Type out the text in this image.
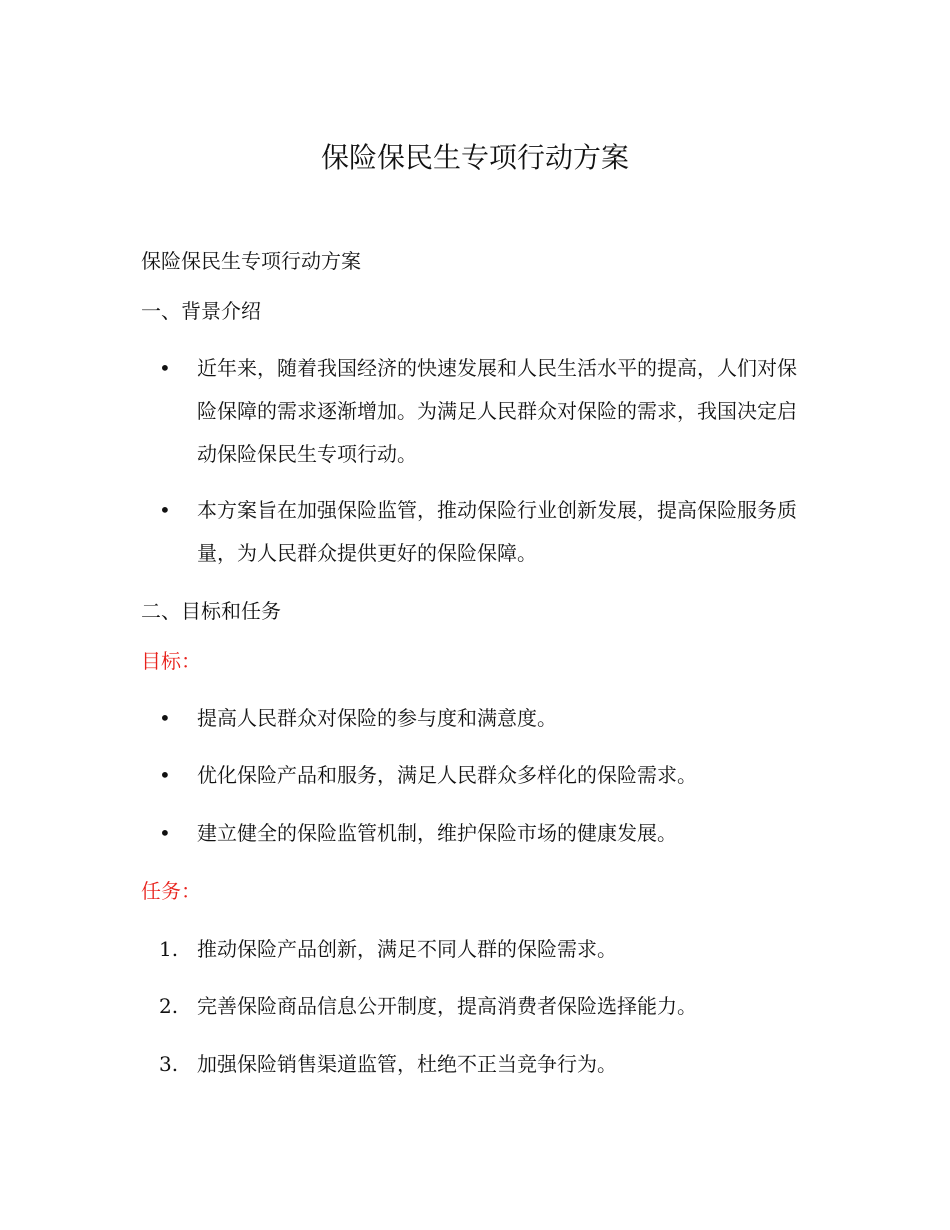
保险保民生专项行动方案
保险保民生专项行动方案
一、背景介绍
• 近年来，随着我国经济的快速发展和人民生活水平的提高，人们对保险保障的需求逐渐增加。为满足人民群众对保险的需求，我国决定启动保险保民生专项行动。
• 本方案旨在加强保险监管，推动保险行业创新发展，提高保险服务质量，为人民群众提供更好的保险保障。
二、目标和任务
目标：
• 提高人民群众对保险的参与度和满意度。
• 优化保险产品和服务，满足人民群众多样化的保险需求。
• 建立健全的保险监管机制，维护保险市场的健康发展。
任务：
1. 推动保险产品创新，满足不同人群的保险需求。
2. 完善保险商品信息公开制度，提高消费者保险选择能力。
3. 加强保险销售渠道监管，杜绝不正当竞争行为。
